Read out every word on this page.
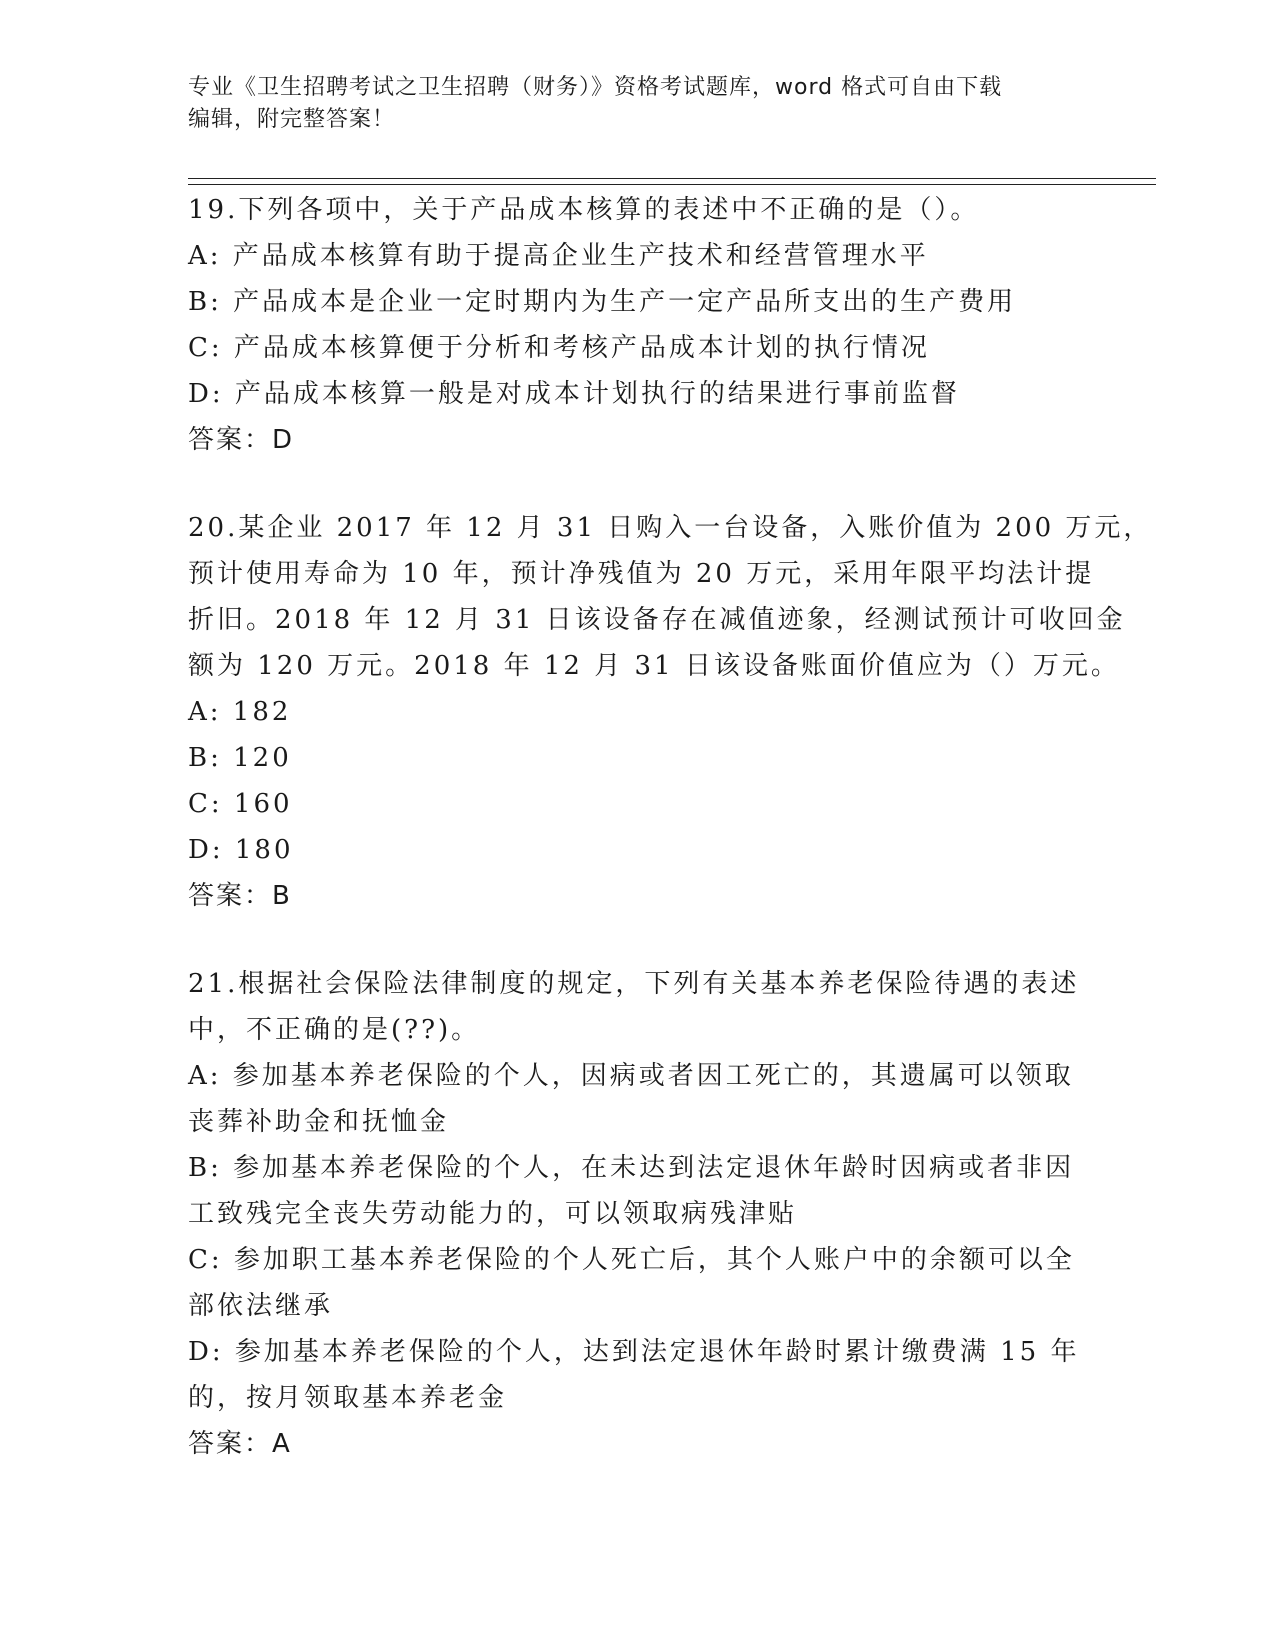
专业《卫生招聘考试之卫生招聘（财务）》资格考试题库，word 格式可自由下载
编辑，附完整答案！
19.下列各项中，关于产品成本核算的表述中不正确的是（）。
A: 产品成本核算有助于提高企业生产技术和经营管理水平
B: 产品成本是企业一定时期内为生产一定产品所支出的生产费用
C: 产品成本核算便于分析和考核产品成本计划的执行情况
D: 产品成本核算一般是对成本计划执行的结果进行事前监督
答案：D
20.某企业 2017 年 12 月 31 日购入一台设备，入账价值为 200 万元，
预计使用寿命为 10 年，预计净残值为 20 万元，采用年限平均法计提
折旧。2018 年 12 月 31 日该设备存在减值迹象，经测试预计可收回金
额为 120 万元。2018 年 12 月 31 日该设备账面价值应为（）万元。
A: 182
B: 120
C: 160
D: 180
答案：B
21.根据社会保险法律制度的规定，下列有关基本养老保险待遇的表述
中，不正确的是(??)。
A: 参加基本养老保险的个人，因病或者因工死亡的，其遗属可以领取
丧葬补助金和抚恤金
B: 参加基本养老保险的个人，在未达到法定退休年龄时因病或者非因
工致残完全丧失劳动能力的，可以领取病残津贴
C: 参加职工基本养老保险的个人死亡后，其个人账户中的余额可以全
部依法继承
D: 参加基本养老保险的个人，达到法定退休年龄时累计缴费满 15 年
的，按月领取基本养老金
答案：A
